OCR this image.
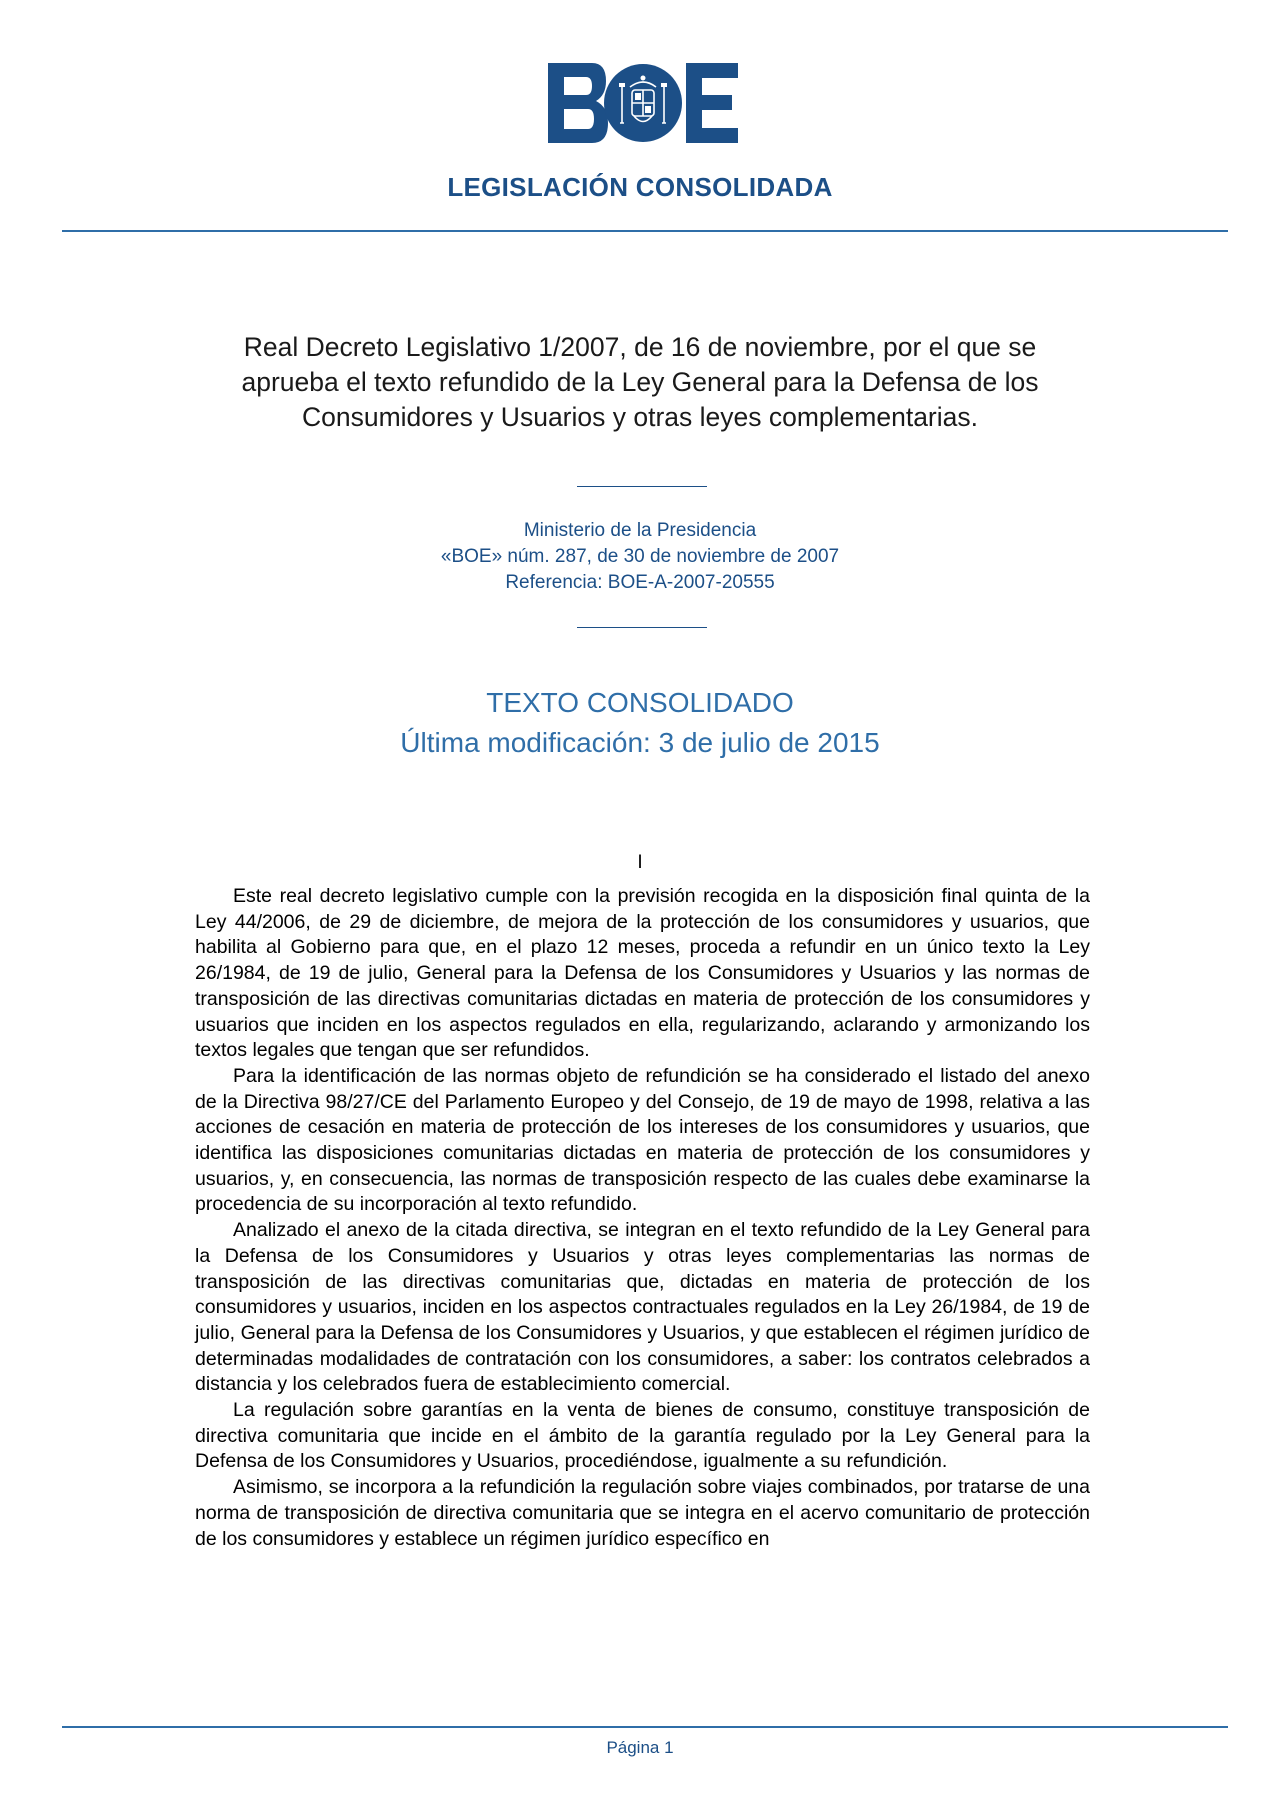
LEGISLACIÓN CONSOLIDADA
Real Decreto Legislativo 1/2007, de 16 de noviembre, por el que se
aprueba el texto refundido de la Ley General para la Defensa de los
Consumidores y Usuarios y otras leyes complementarias.
Ministerio de la Presidencia
«BOE» núm. 287, de 30 de noviembre de 2007
Referencia: BOE-A-2007-20555
TEXTO CONSOLIDADO
Última modificación: 3 de julio de 2015
I

Este real decreto legislativo cumple con la previsión recogida en la disposición final quinta de la Ley 44/2006, de 29 de diciembre, de mejora de la protección de los consumidores y usuarios, que habilita al Gobierno para que, en el plazo 12 meses, proceda a refundir en un único texto la Ley 26/1984, de 19 de julio, General para la Defensa de los Consumidores y Usuarios y las normas de transposición de las directivas comunitarias dictadas en materia de protección de los consumidores y usuarios que inciden en los aspectos regulados en ella, regularizando, aclarando y armonizando los textos legales que tengan que ser refundidos.

Para la identificación de las normas objeto de refundición se ha considerado el listado del anexo de la Directiva 98/27/CE del Parlamento Europeo y del Consejo, de 19 de mayo de 1998, relativa a las acciones de cesación en materia de protección de los intereses de los consumidores y usuarios, que identifica las disposiciones comunitarias dictadas en materia de protección de los consumidores y usuarios, y, en consecuencia, las normas de transposición respecto de las cuales debe examinarse la procedencia de su incorporación al texto refundido.

Analizado el anexo de la citada directiva, se integran en el texto refundido de la Ley General para la Defensa de los Consumidores y Usuarios y otras leyes complementarias las normas de transposición de las directivas comunitarias que, dictadas en materia de protección de los consumidores y usuarios, inciden en los aspectos contractuales regulados en la Ley 26/1984, de 19 de julio, General para la Defensa de los Consumidores y Usuarios, y que establecen el régimen jurídico de determinadas modalidades de contratación con los consumidores, a saber: los contratos celebrados a distancia y los celebrados fuera de establecimiento comercial.

La regulación sobre garantías en la venta de bienes de consumo, constituye transposición de directiva comunitaria que incide en el ámbito de la garantía regulado por la Ley General para la Defensa de los Consumidores y Usuarios, procediéndose, igualmente a su refundición.

Asimismo, se incorpora a la refundición la regulación sobre viajes combinados, por tratarse de una norma de transposición de directiva comunitaria que se integra en el acervo comunitario de protección de los consumidores y establece un régimen jurídico específico en

Página 1
